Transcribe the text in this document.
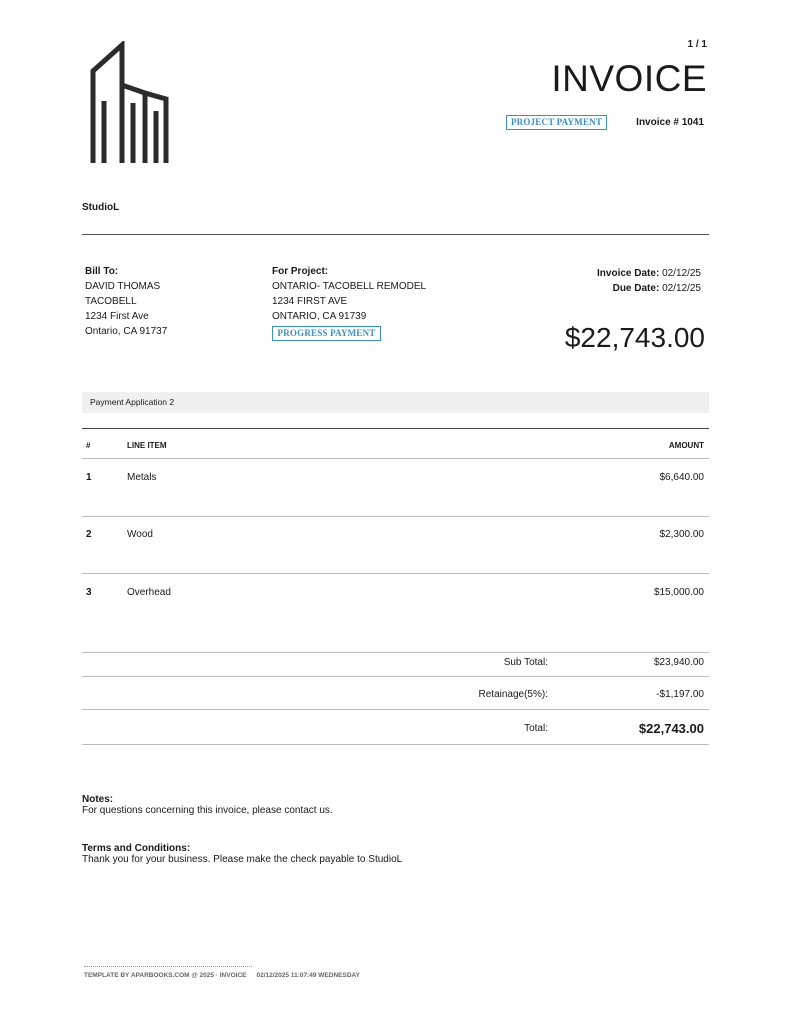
1 / 1
INVOICE
PROJECT PAYMENT	Invoice # 1041
StudioL
Bill To:
DAVID THOMAS
TACOBELL
1234 First Ave
Ontario, CA 91737
For Project:
ONTARIO- TACOBELL REMODEL
1234 FIRST AVE
ONTARIO, CA 91739
PROGRESS PAYMENT
Invoice Date: 02/12/25
Due Date: 02/12/25
$22,743.00
Payment Application 2
#	LINE ITEM	AMOUNT
1	Metals	$6,640.00
2	Wood	$2,300.00
3	Overhead	$15,000.00
Sub Total:	$23,940.00
Retainage(5%):	-$1,197.00
Total:	$22,743.00
Notes:
For questions concerning this invoice, please contact us.
Terms and Conditions:
Thank you for your business. Please make the check payable to StudioL
TEMPLATE BY APARBOOKS.COM @ 2025 · INVOICE 02/12/2025 11:07:49 WEDNESDAY
